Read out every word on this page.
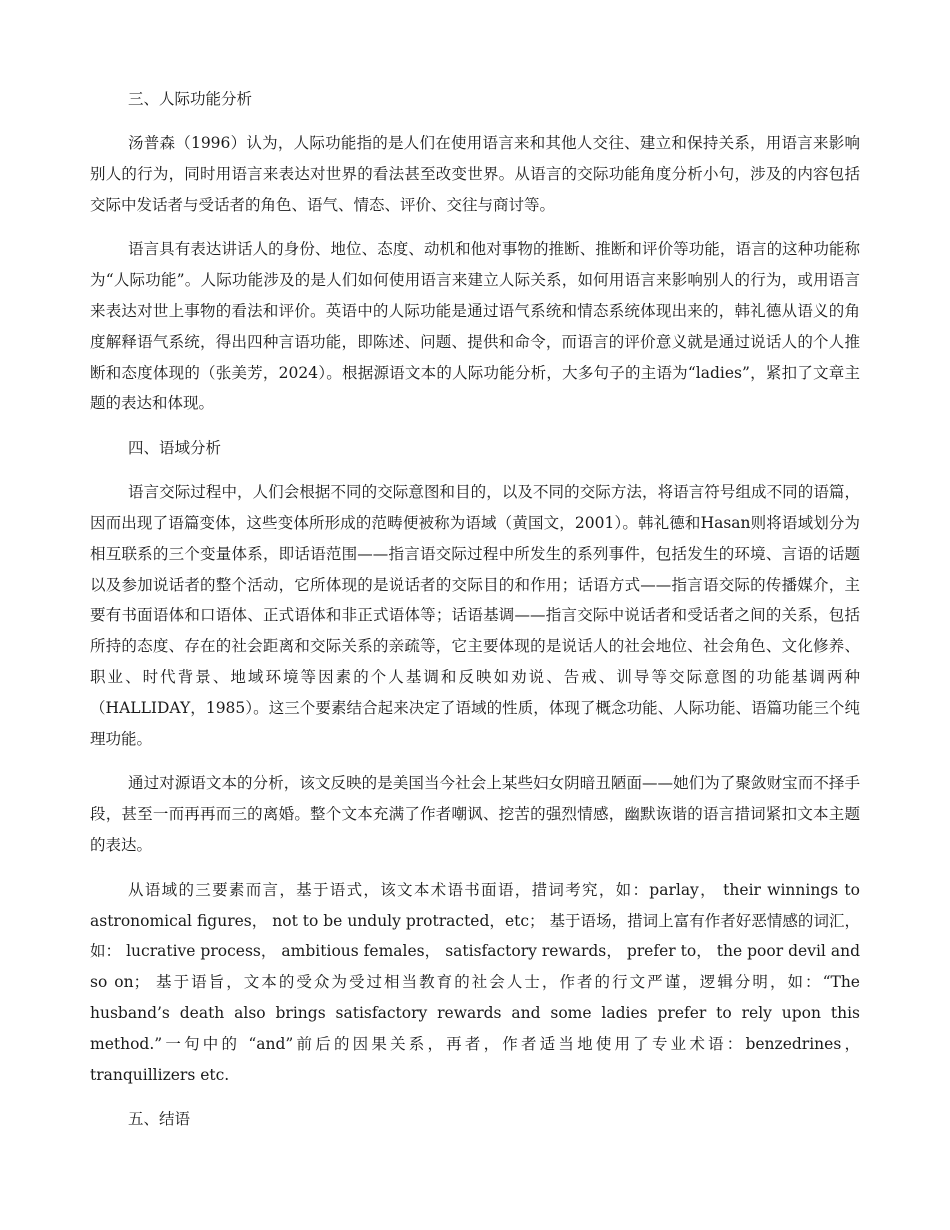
三、人际功能分析

汤普森（1996）认为，人际功能指的是人们在使用语言来和其他人交往、建立和保持关系，用语言来影响别人的行为，同时用语言来表达对世界的看法甚至改变世界。从语言的交际功能角度分析小句，涉及的内容包括交际中发话者与受话者的角色、语气、情态、评价、交往与商讨等。

语言具有表达讲话人的身份、地位、态度、动机和他对事物的推断、推断和评价等功能，语言的这种功能称为“人际功能”。人际功能涉及的是人们如何使用语言来建立人际关系，如何用语言来影响别人的行为，或用语言来表达对世上事物的看法和评价。英语中的人际功能是通过语气系统和情态系统体现出来的，韩礼德从语义的角度解释语气系统，得出四种言语功能，即陈述、问题、提供和命令，而语言的评价意义就是通过说话人的个人推断和态度体现的（张美芳，2024）。根据源语文本的人际功能分析，大多句子的主语为“ladies”，紧扣了文章主题的表达和体现。

四、语域分析

语言交际过程中，人们会根据不同的交际意图和目的，以及不同的交际方法，将语言符号组成不同的语篇，因而出现了语篇变体，这些变体所形成的范畴便被称为语域（黄国文，2001）。韩礼德和Hasan则将语域划分为相互联系的三个变量体系，即话语范围——指言语交际过程中所发生的系列事件，包括发生的环境、言语的话题以及参加说话者的整个活动，它所体现的是说话者的交际目的和作用；话语方式——指言语交际的传播媒介，主要有书面语体和口语体、正式语体和非正式语体等；话语基调——指言交际中说话者和受话者之间的关系，包括所持的态度、存在的社会距离和交际关系的亲疏等，它主要体现的是说话人的社会地位、社会角色、文化修养、职业、时代背景、地域环境等因素的个人基调和反映如劝说、告戒、训导等交际意图的功能基调两种（HALLIDAY，1985）。这三个要素结合起来决定了语域的性质，体现了概念功能、人际功能、语篇功能三个纯理功能。

通过对源语文本的分析，该文反映的是美国当今社会上某些妇女阴暗丑陋面——她们为了聚敛财宝而不择手段，甚至一而再再而三的离婚。整个文本充满了作者嘲讽、挖苦的强烈情感，幽默诙谐的语言措词紧扣文本主题的表达。

从语域的三要素而言，基于语式，该文本术语书面语，措词考究，如：parlay， their winnings to astronomical figures， not to be unduly protracted，etc； 基于语场，措词上富有作者好恶情感的词汇，如： lucrative process， ambitious females， satisfactory rewards， prefer to， the poor devil and so on； 基于语旨，文本的受众为受过相当教育的社会人士，作者的行文严谨，逻辑分明，如：“The husband’s death also brings satisfactory rewards and some ladies prefer to rely upon this method.”一句中的 “and”前后的因果关系，再者，作者适当地使用了专业术语：benzedrines， tranquillizers etc.

五、结语
